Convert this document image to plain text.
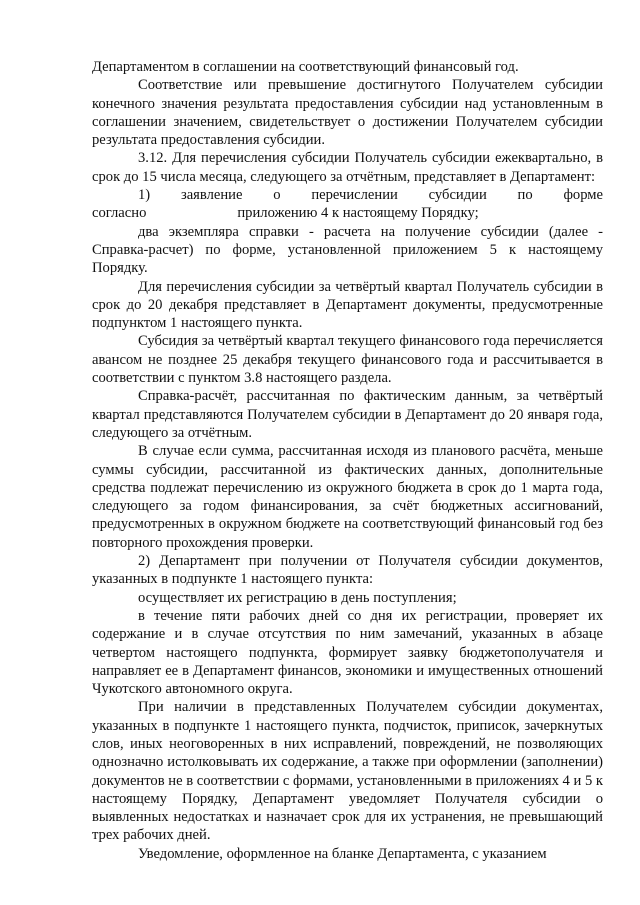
Департаментом в соглашении на соответствующий финансовый год.

Соответствие или превышение достигнутого Получателем субсидии конечного значения результата предоставления субсидии над установленным в соглашении значением, свидетельствует о достижении Получателем субсидии результата предоставления субсидии.

3.12. Для перечисления субсидии Получатель субсидии ежеквартально, в срок до 15 числа месяца, следующего за отчётным, представляет в Департамент:

1) заявление о перечислении субсидии по форме

согласно	приложению 4 к настоящему Порядку;

два экземпляра справки - расчета на получение субсидии (далее - Справка-расчет) по форме, установленной приложением 5 к настоящему Порядку.

Для перечисления субсидии за четвёртый квартал Получатель субсидии в срок до 20 декабря представляет в Департамент документы, предусмотренные подпунктом 1 настоящего пункта.

Субсидия за четвёртый квартал текущего финансового года перечисляется авансом не позднее 25 декабря текущего финансового года и рассчитывается в соответствии с пунктом 3.8 настоящего раздела.

Справка-расчёт, рассчитанная по фактическим данным, за четвёртый квартал представляются Получателем субсидии в Департамент до 20 января года, следующего за отчётным.

В случае если сумма, рассчитанная исходя из планового расчёта, меньше суммы субсидии, рассчитанной из фактических данных, дополнительные средства подлежат перечислению из окружного бюджета в срок до 1 марта года, следующего за годом финансирования, за счёт бюджетных ассигнований, предусмотренных в окружном бюджете на соответствующий финансовый год без повторного прохождения проверки.

2) Департамент при получении от Получателя субсидии документов, указанных в подпункте 1 настоящего пункта:

осуществляет их регистрацию в день поступления;

в течение пяти рабочих дней со дня их регистрации, проверяет их содержание и в случае отсутствия по ним замечаний, указанных в абзаце четвертом настоящего подпункта, формирует заявку бюджетополучателя и направляет ее в Департамент финансов, экономики и имущественных отношений Чукотского автономного округа.

При наличии в представленных Получателем субсидии документах, указанных в подпункте 1 настоящего пункта, подчисток, приписок, зачеркнутых слов, иных неоговоренных в них исправлений, повреждений, не позволяющих однозначно истолковывать их содержание, а также при оформлении (заполнении) документов не в соответствии с формами, установленными в приложениях 4 и 5 к настоящему Порядку, Департамент уведомляет Получателя субсидии о выявленных недостатках и назначает срок для их устранения, не превышающий трех рабочих дней.

Уведомление, оформленное на бланке Департамента, с указанием
